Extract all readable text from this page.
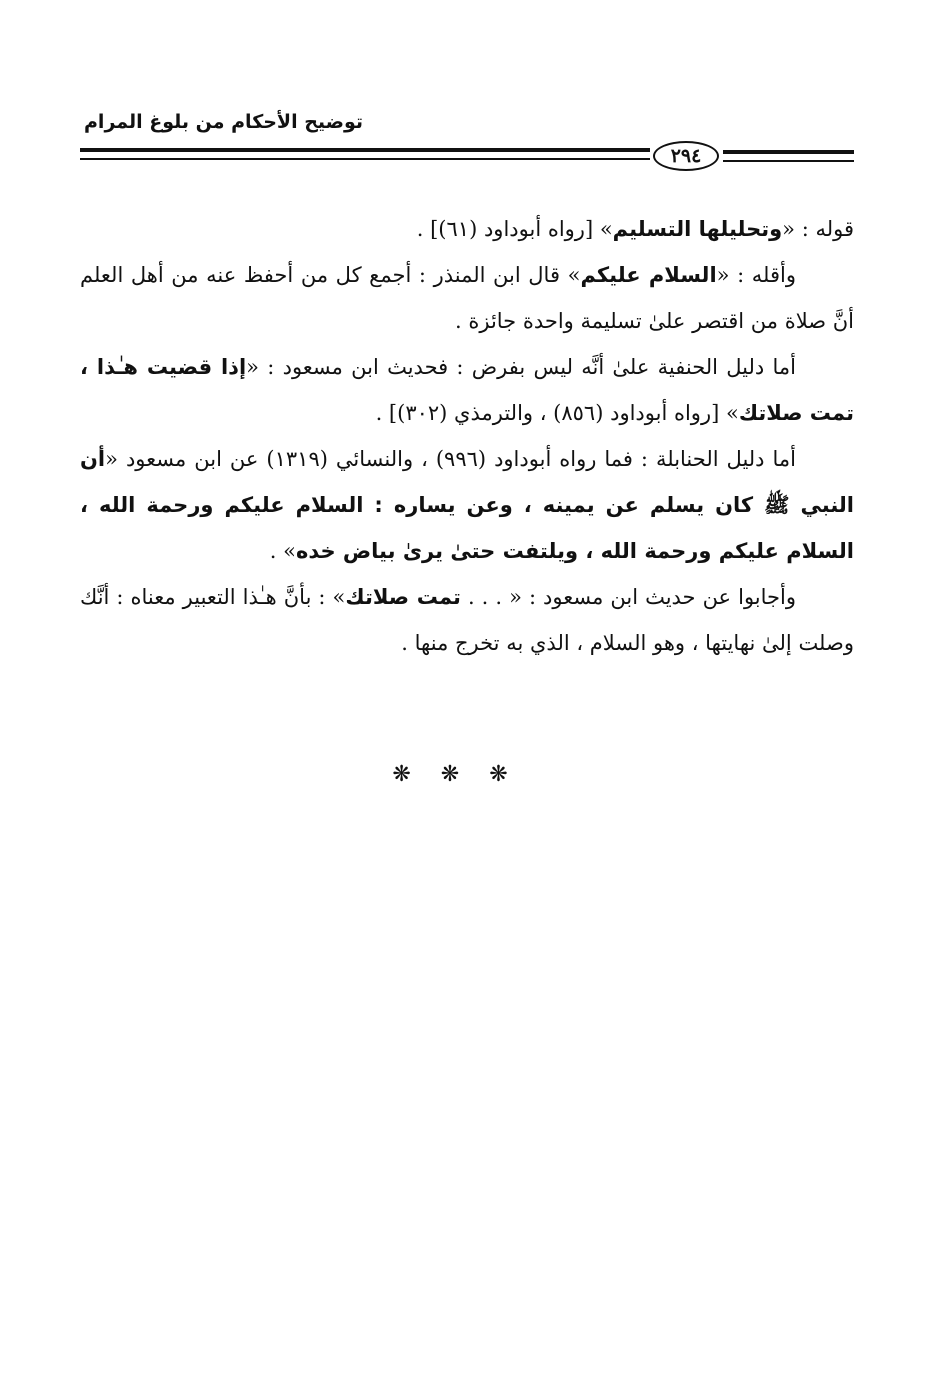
توضيح الأحكام من بلوغ المرام
٢٩٤

قوله : «وتحليلها التسليم» [رواه أبوداود (٦١)] .

وأقله : «السلام عليكم» قال ابن المنذر : أجمع كل من أحفظ عنه من أهل العلم أنَّ صلاة من اقتصر علىٰ تسليمة واحدة جائزة .

أما دليل الحنفية علىٰ أنَّه ليس بفرض : فحديث ابن مسعود : «إذا قضيت هـٰذا ، تمت صلاتك» [رواه أبوداود (٨٥٦) ، والترمذي (٣٠٢)] .

أما دليل الحنابلة : فما رواه أبوداود (٩٩٦) ، والنسائي (١٣١٩) عن ابن مسعود «أن النبي ﷺ كان يسلم عن يمينه ، وعن يساره : السلام عليكم ورحمة الله ، السلام عليكم ورحمة الله ، ويلتفت حتىٰ يرىٰ بياض خده» .

وأجابوا عن حديث ابن مسعود : « . . . تمت صلاتك» : بأنَّ هـٰذا التعبير معناه : أنَّك وصلت إلىٰ نهايتها ، وهو السلام ، الذي به تخرج منها .

❋❋❋
